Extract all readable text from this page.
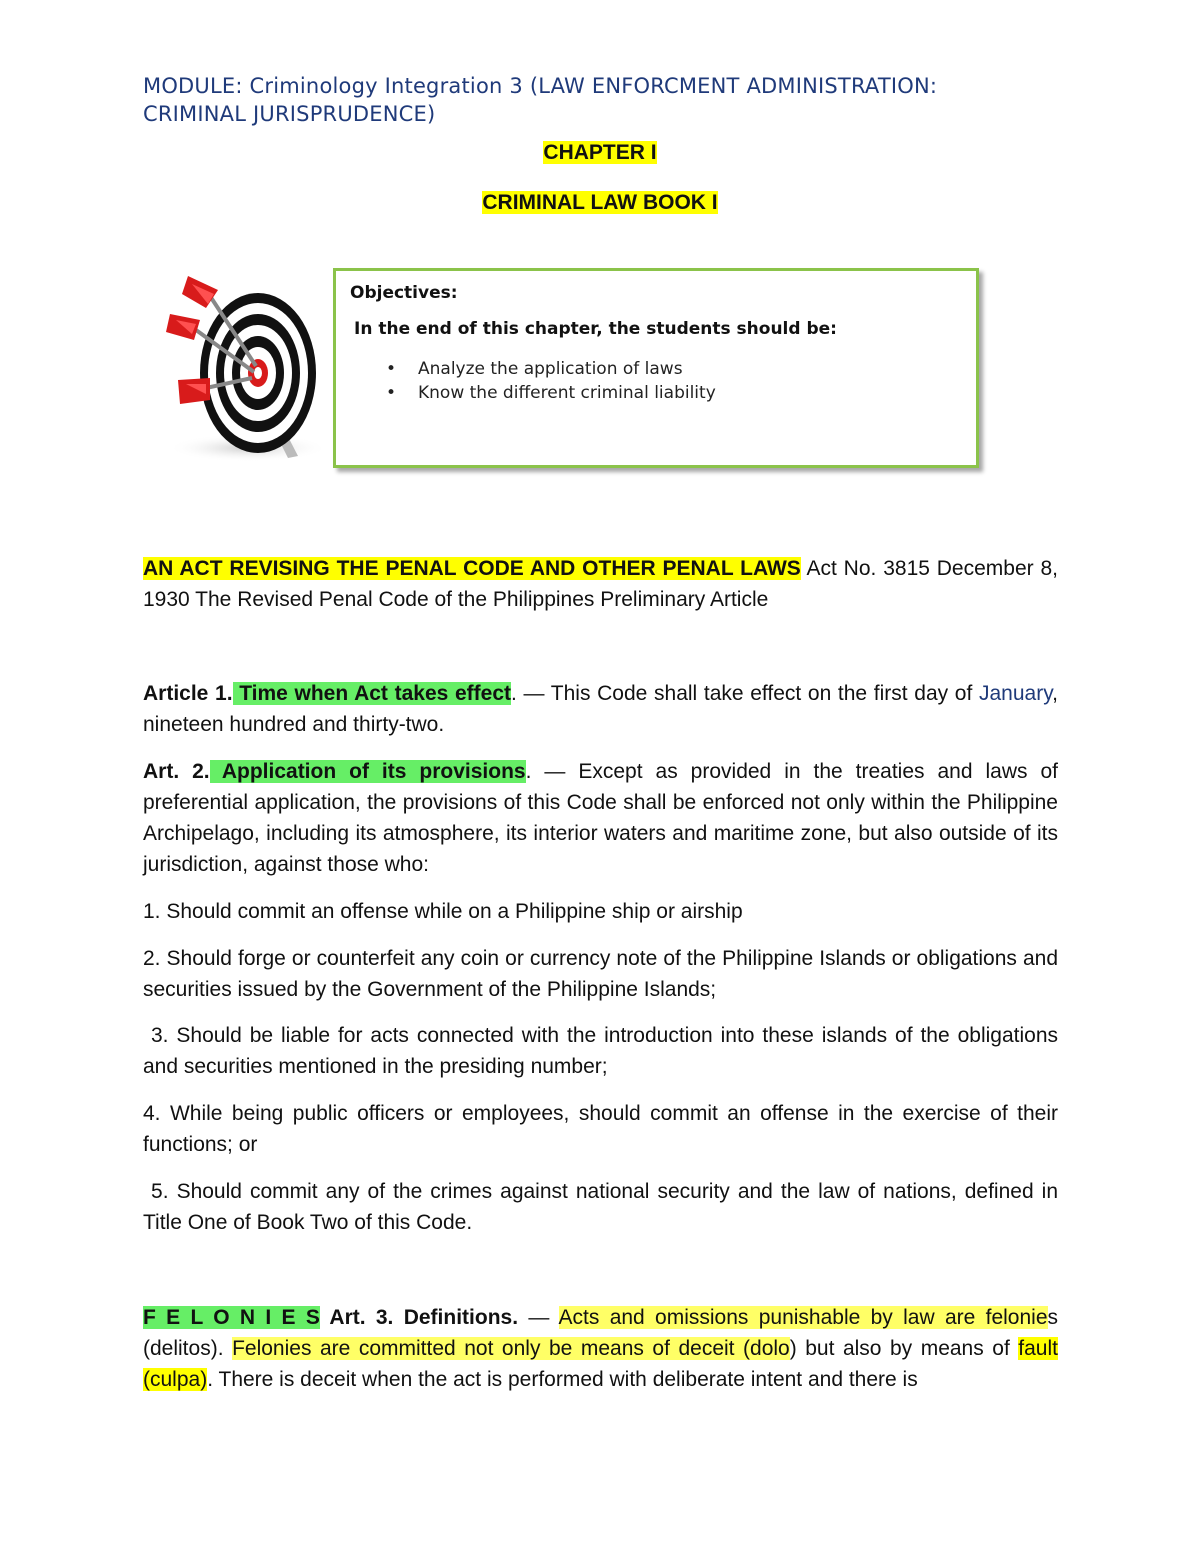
MODULE: Criminology Integration 3 (LAW ENFORCMENT ADMINISTRATION:
CRIMINAL JURISPRUDENCE)
CHAPTER I
CRIMINAL LAW BOOK I
Objectives:
In the end of this chapter, the students should be:
• Analyze the application of laws
• Know the different criminal liability

AN ACT REVISING THE PENAL CODE AND OTHER PENAL LAWS Act No. 3815 December 8, 1930 The Revised Penal Code of the Philippines Preliminary Article

Article 1. Time when Act takes effect. — This Code shall take effect on the first day of January, nineteen hundred and thirty-two.

Art. 2. Application of its provisions. — Except as provided in the treaties and laws of preferential application, the provisions of this Code shall be enforced not only within the Philippine Archipelago, including its atmosphere, its interior waters and maritime zone, but also outside of its jurisdiction, against those who:

1. Should commit an offense while on a Philippine ship or airship

2. Should forge or counterfeit any coin or currency note of the Philippine Islands or obligations and securities issued by the Government of the Philippine Islands;

3. Should be liable for acts connected with the introduction into these islands of the obligations and securities mentioned in the presiding number;

4. While being public officers or employees, should commit an offense in the exercise of their functions; or

5. Should commit any of the crimes against national security and the law of nations, defined in Title One of Book Two of this Code.

F E L O N I E S Art. 3. Definitions. — Acts and omissions punishable by law are felonies (delitos). Felonies are committed not only be means of deceit (dolo) but also by means of fault (culpa). There is deceit when the act is performed with deliberate intent and there is
